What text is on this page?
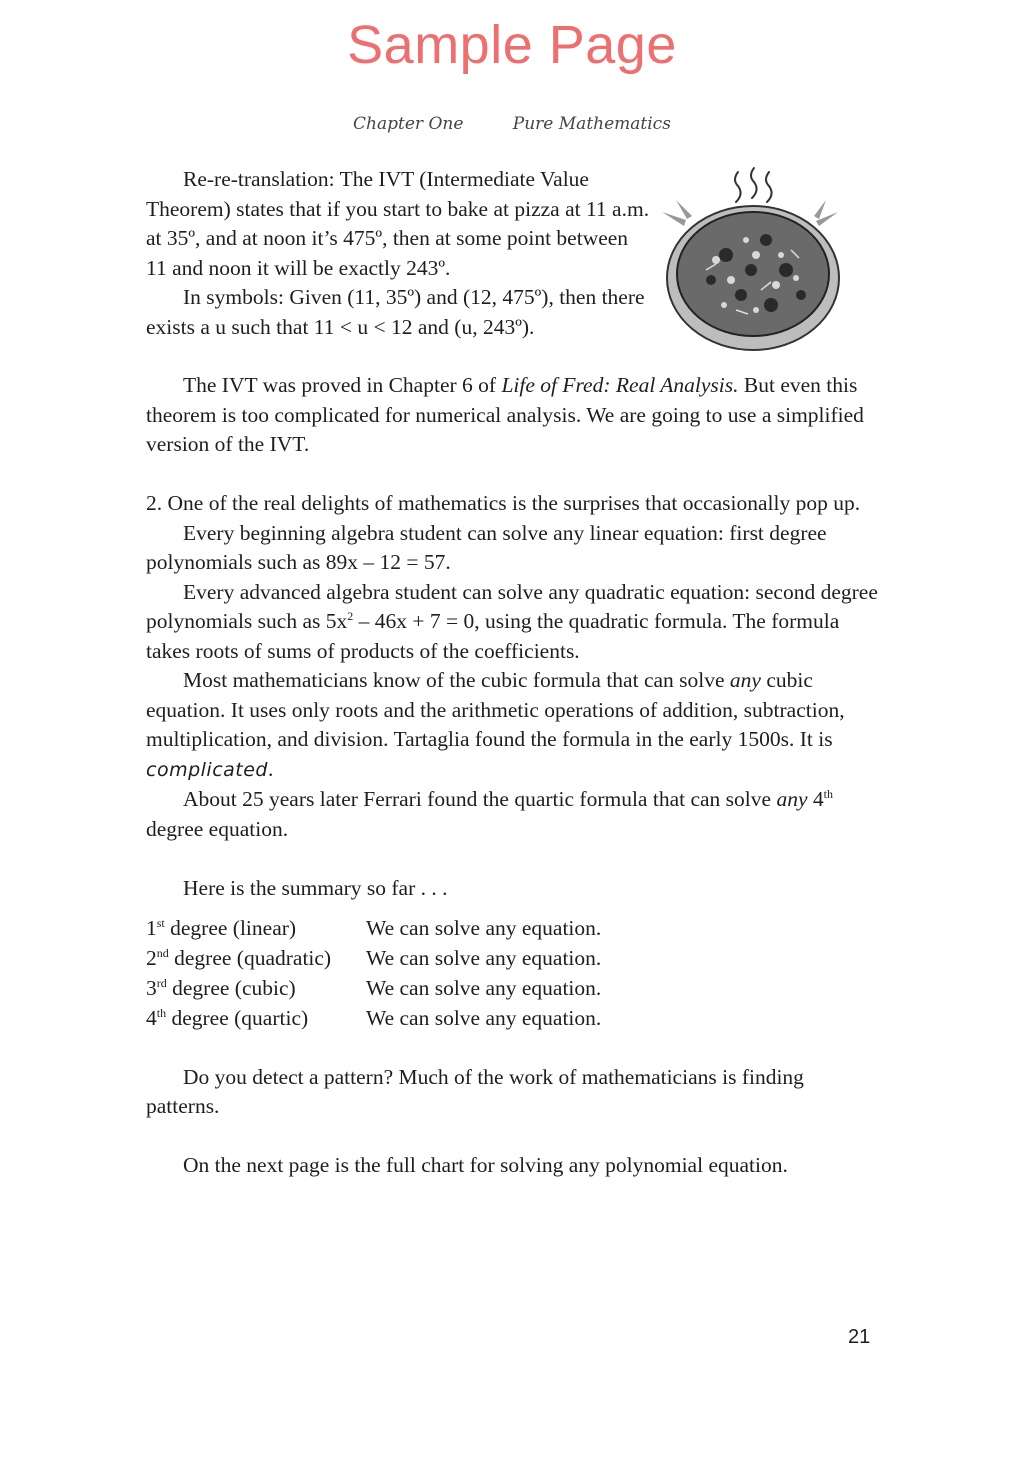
Sample Page
Chapter One	Pure Mathematics

Re-re-translation: The IVT (Intermediate Value Theorem) states that if you start to bake at pizza at 11 a.m. at 35º, and at noon it’s 475º, then at some point between 11 and noon it will be exactly 243º.

In symbols: Given (11, 35º) and (12, 475º), then there exists a u such that 11 < u < 12 and (u, 243º).

The IVT was proved in Chapter 6 of Life of Fred: Real Analysis. But even this theorem is too complicated for numerical analysis. We are going to use a simplified version of the IVT.

2. One of the real delights of mathematics is the surprises that occasionally pop up.

Every beginning algebra student can solve any linear equation: first degree polynomials such as 89x – 12 = 57.

Every advanced algebra student can solve any quadratic equation: second degree polynomials such as $5x^2 - 46x + 7 = 0$, using the quadratic formula. The formula takes roots of sums of products of the coefficients.

Most mathematicians know of the cubic formula that can solve any cubic equation. It uses only roots and the arithmetic operations of addition, subtraction, multiplication, and division. Tartaglia found the formula in the early 1500s. It is complicated.

About 25 years later Ferrari found the quartic formula that can solve any 4th degree equation.

Here is the summary so far . . .

1st degree (linear)	We can solve any equation.
2nd degree (quadratic)	We can solve any equation.
3rd degree (cubic)	We can solve any equation.
4th degree (quartic)	We can solve any equation.

Do you detect a pattern? Much of the work of mathematicians is finding patterns.

On the next page is the full chart for solving any polynomial equation.

21
